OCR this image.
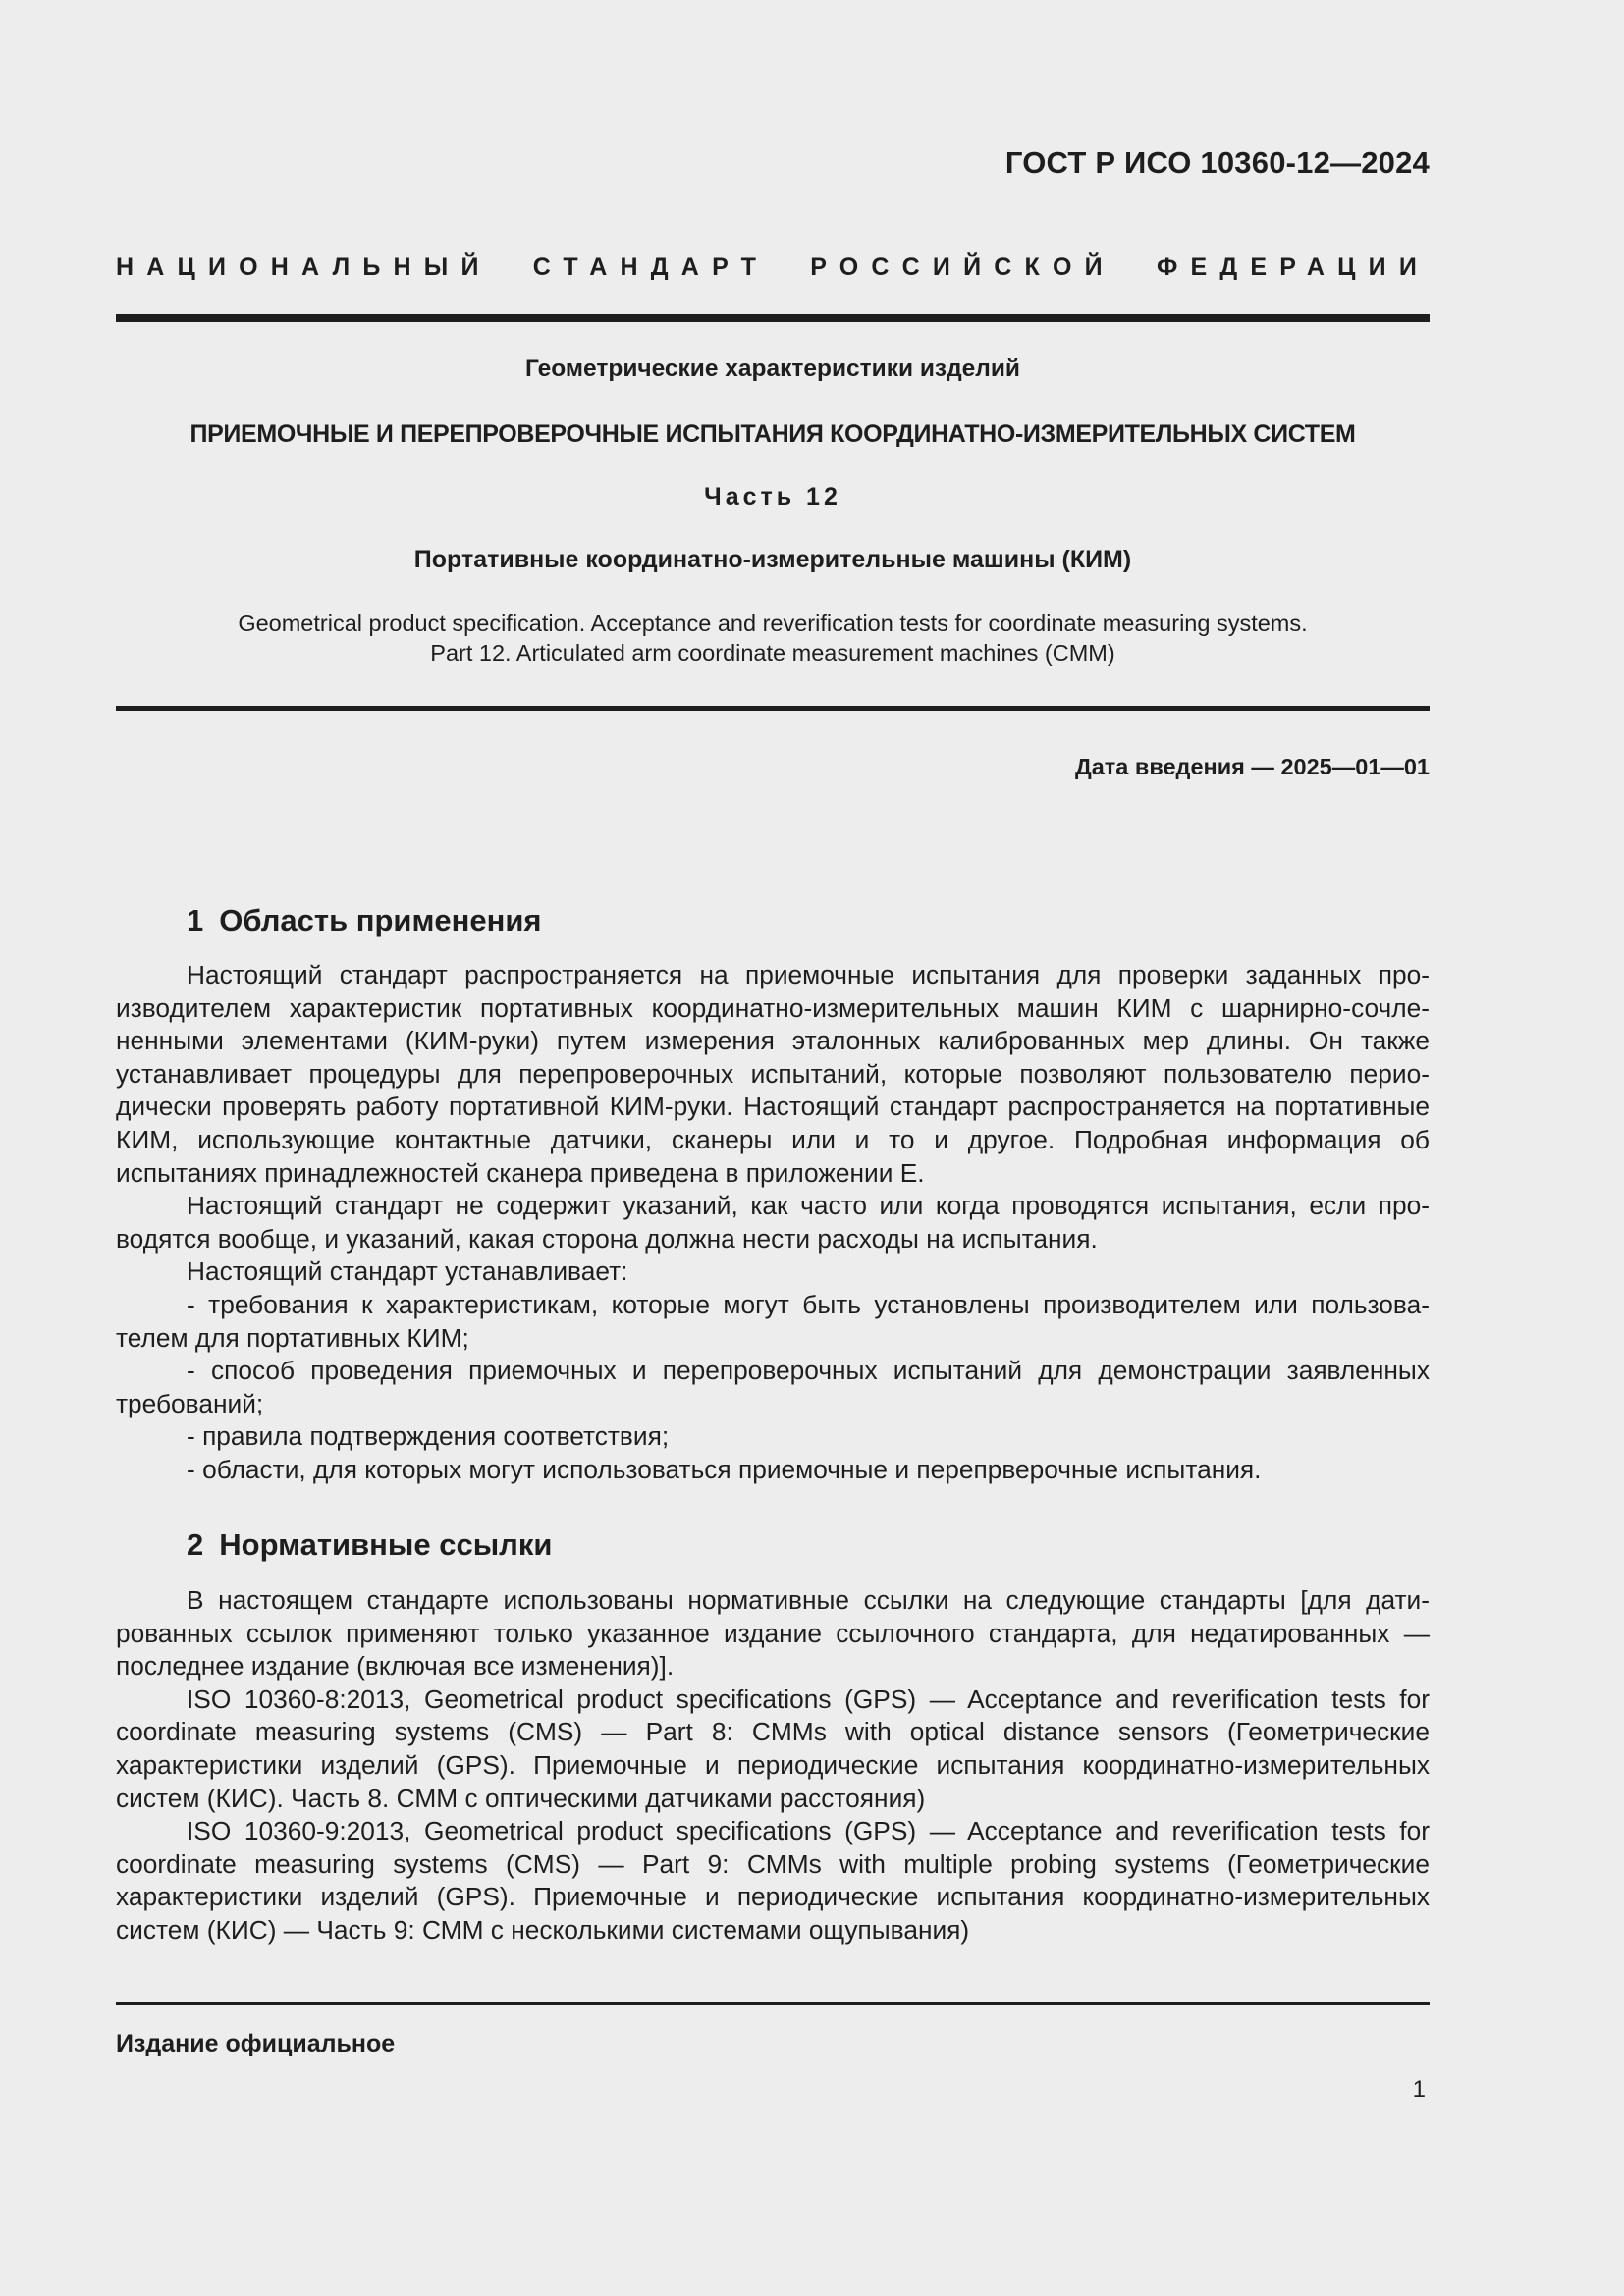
ГОСТ Р ИСО 10360-12—2024
НАЦИОНАЛЬНЫЙ СТАНДАРТ РОССИЙСКОЙ ФЕДЕРАЦИИ
Геометрические характеристики изделий
ПРИЕМОЧНЫЕ И ПЕРЕПРОВЕРОЧНЫЕ ИСПЫТАНИЯ КООРДИНАТНО-ИЗМЕРИТЕЛЬНЫХ СИСТЕМ
Часть 12
Портативные координатно-измерительные машины (КИМ)
Geometrical product specification. Acceptance and reverification tests for coordinate measuring systems.
Part 12. Articulated arm coordinate measurement machines (CMM)
Дата введения — 2025—01—01
1 Область применения

Настоящий стандарт распространяется на приемочные испытания для проверки заданных производителем характеристик портативных координатно-измерительных машин КИМ с шарнирно-сочлененными элементами (КИМ-руки) путем измерения эталонных калиброванных мер длины. Он также устанавливает процедуры для перепроверочных испытаний, которые позволяют пользователю периодически проверять работу портативной КИМ-руки. Настоящий стандарт распространяется на портативные КИМ, использующие контактные датчики, сканеры или и то и другое. Подробная информация об испытаниях принадлежностей сканера приведена в приложении Е.

Настоящий стандарт не содержит указаний, как часто или когда проводятся испытания, если проводятся вообще, и указаний, какая сторона должна нести расходы на испытания.

Настоящий стандарт устанавливает:

- требования к характеристикам, которые могут быть установлены производителем или пользователем для портативных КИМ;

- способ проведения приемочных и перепроверочных испытаний для демонстрации заявленных требований;

- правила подтверждения соответствия;

- области, для которых могут использоваться приемочные и перепрверочные испытания.

2 Нормативные ссылки

В настоящем стандарте использованы нормативные ссылки на следующие стандарты [для датированных ссылок применяют только указанное издание ссылочного стандарта, для недатированных — последнее издание (включая все изменения)].

ISO 10360-8:2013, Geometrical product specifications (GPS) — Acceptance and reverification tests for coordinate measuring systems (CMS) — Part 8: CMMs with optical distance sensors (Геометрические характеристики изделий (GPS). Приемочные и периодические испытания координатно-измерительных систем (КИС). Часть 8. СММ с оптическими датчиками расстояния)

ISO 10360-9:2013, Geometrical product specifications (GPS) — Acceptance and reverification tests for coordinate measuring systems (CMS) — Part 9: CMMs with multiple probing systems (Геометрические характеристики изделий (GPS). Приемочные и периодические испытания координатно-измерительных систем (КИС) — Часть 9: СММ с несколькими системами ощупывания)

Издание официальное
1
